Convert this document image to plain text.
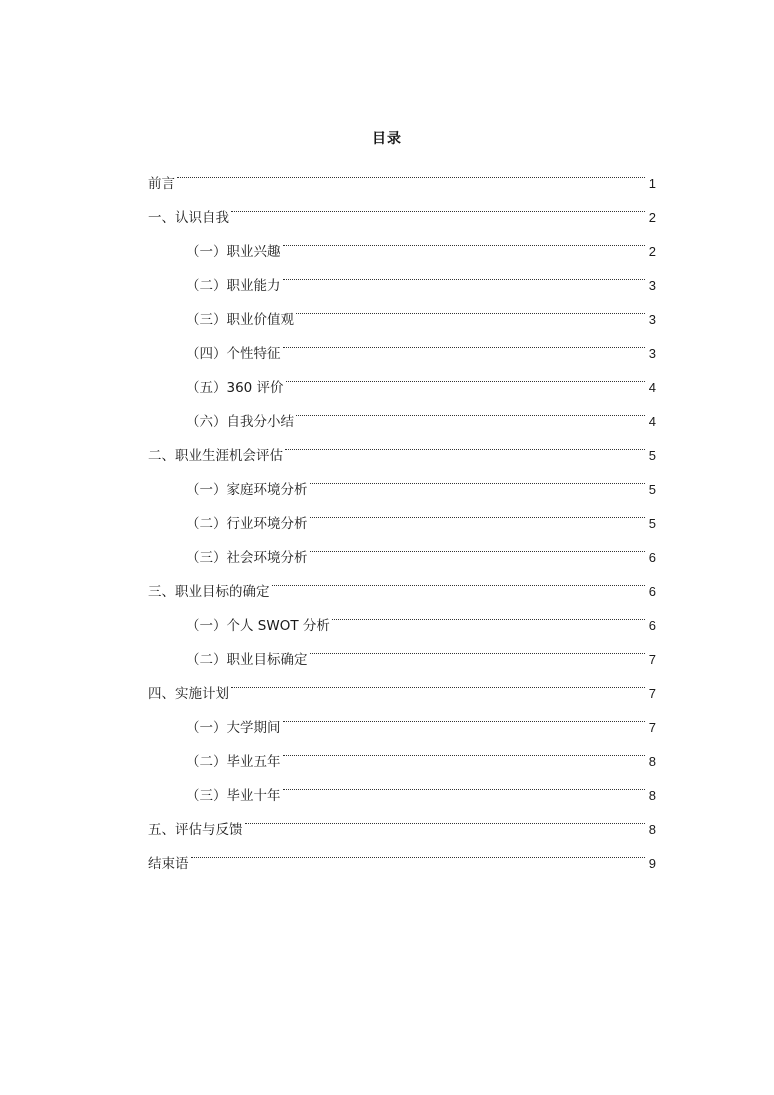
目录
前言	1
一、认识自我	2
（一）职业兴趣	2
（二）职业能力	3
（三）职业价值观	3
（四）个性特征	3
（五）360 评价	4
（六）自我分小结	4
二、职业生涯机会评估	5
（一）家庭环境分析	5
（二）行业环境分析	5
（三）社会环境分析	6
三、职业目标的确定	6
（一）个人 SWOT 分析	6
（二）职业目标确定	7
四、实施计划	7
（一）大学期间	7
（二）毕业五年	8
（三）毕业十年	8
五、评估与反馈	8
结束语	9
